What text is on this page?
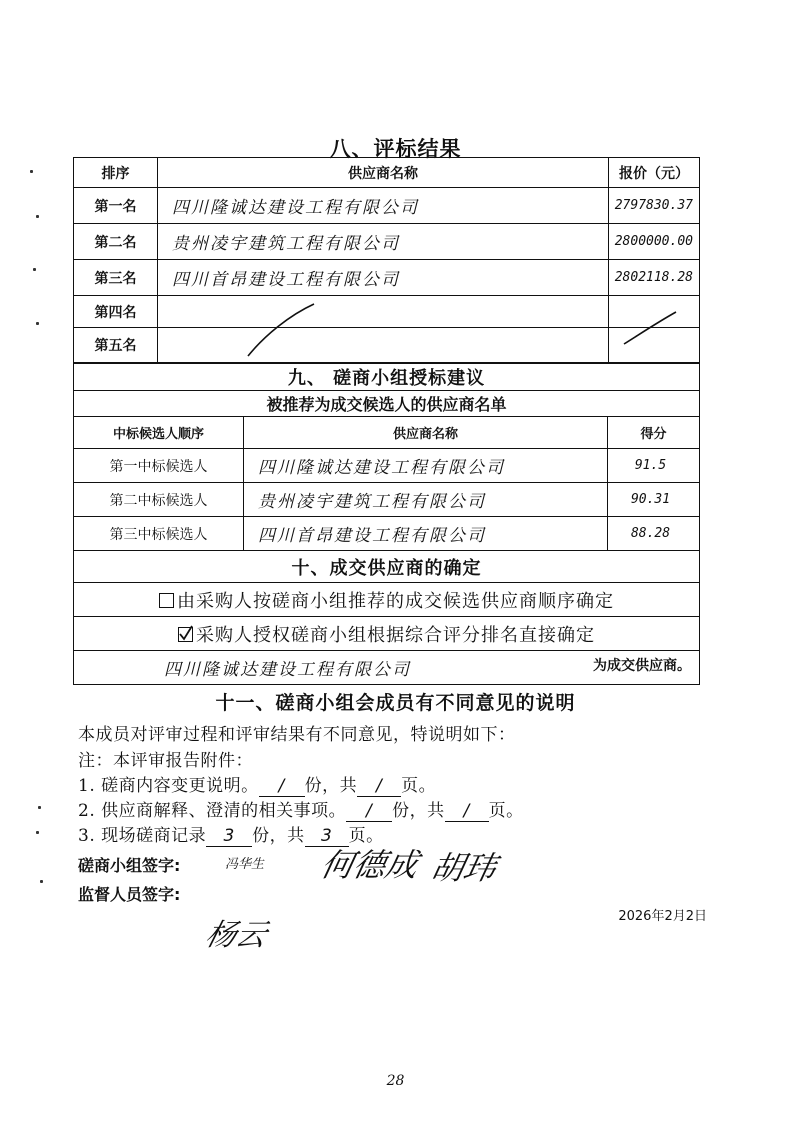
八、评标结果
排序	供应商名称	报价（元）
第一名	四川隆诚达建设工程有限公司	2797830.37
第二名	贵州凌宇建筑工程有限公司	2800000.00
第三名	四川首昂建设工程有限公司	2802118.28
第四名		
第五名		
九、 磋商小组授标建议		
被推荐为成交候选人的供应商名单		
中标候选人顺序	供应商名称	得分
第一中标候选人	四川隆诚达建设工程有限公司	91.5
第二中标候选人	贵州凌宇建筑工程有限公司	90.31
第三中标候选人	四川首昂建设工程有限公司	88.28
十、成交供应商的确定		
由采购人按磋商小组推荐的成交候选供应商顺序确定		

采购人授权磋商小组根据综合评分排名直接确定		
四川隆诚达建设工程有限公司 为成交供应商。		
十一、磋商小组会成员有不同意见的说明
本成员对评审过程和评审结果有不同意见，特说明如下：
注：本评审报告附件：
1. 磋商内容变更说明。 / 份，共 / 页。
2. 供应商解释、澄清的相关事项。 / 份，共 / 页。
3. 现场磋商记录 3 份，共 3 页。
磋商小组签字:
监督人员签字:
冯华生 何德成 胡玮
杨云
2026年2月2日
28
